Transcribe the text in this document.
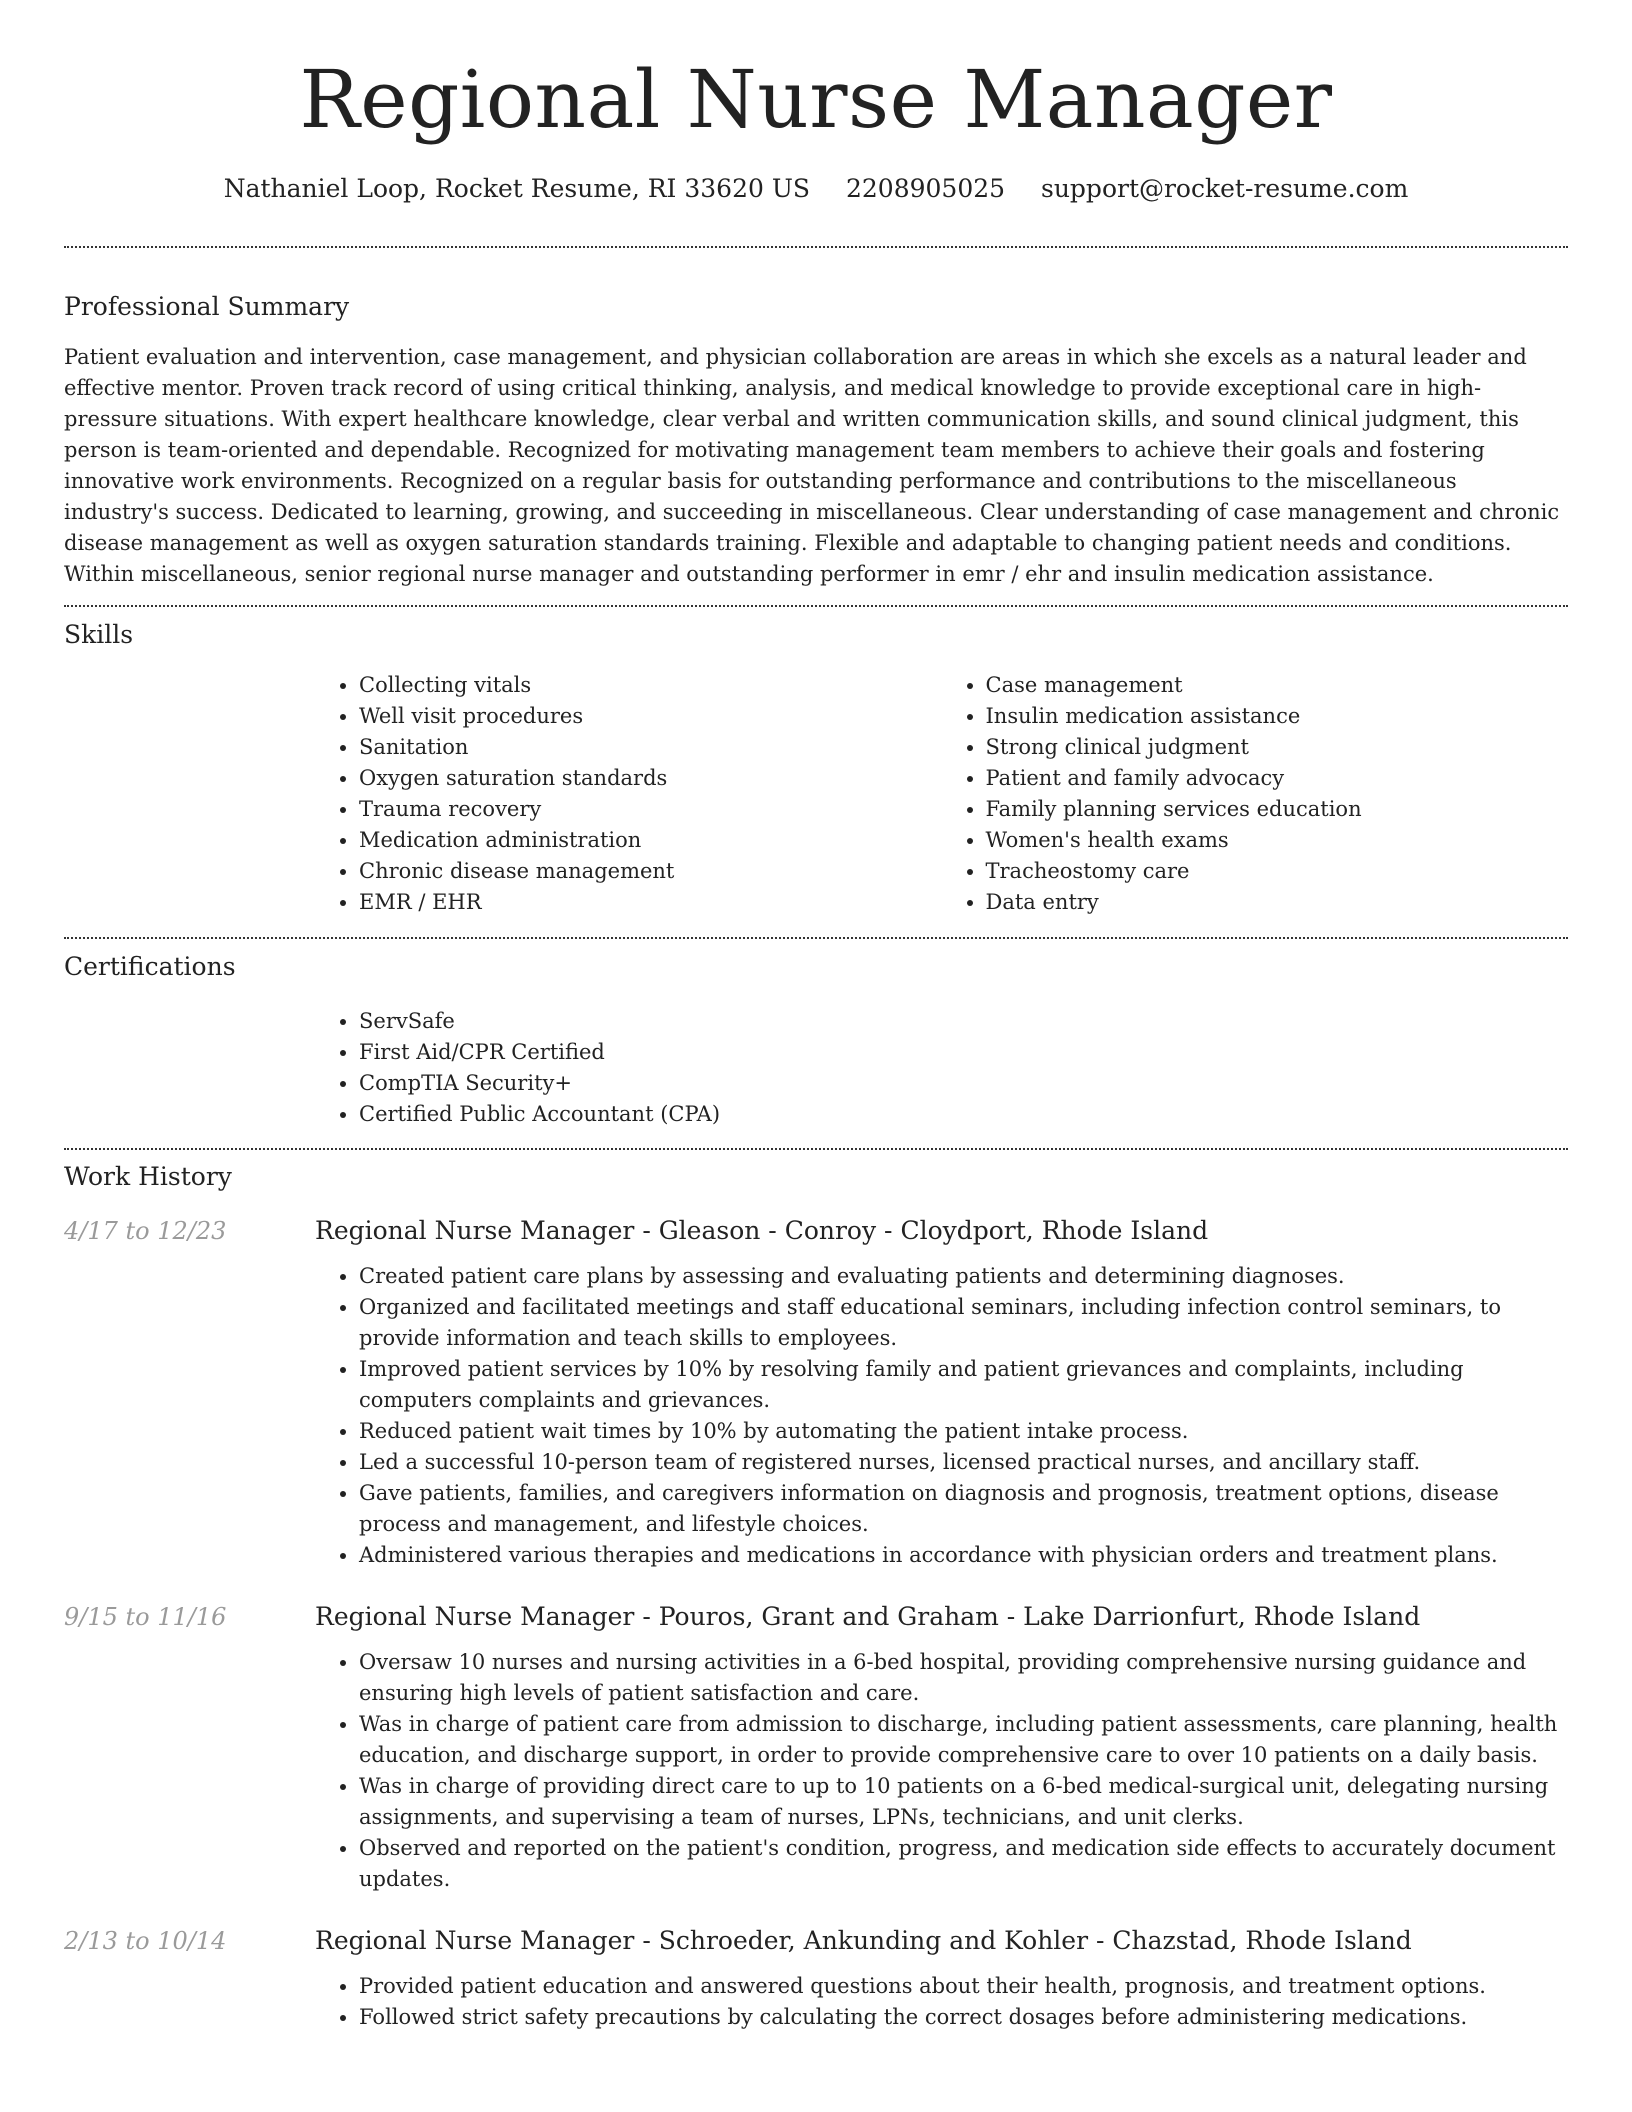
Regional Nurse Manager
Nathaniel Loop, Rocket Resume, RI 33620 US 2208905025 support@rocket-resume.com
Professional Summary

Patient evaluation and intervention, case management, and physician collaboration are areas in which she excels as a natural leader and effective mentor. Proven track record of using critical thinking, analysis, and medical knowledge to provide exceptional care in high-pressure situations. With expert healthcare knowledge, clear verbal and written communication skills, and sound clinical judgment, this person is team-oriented and dependable. Recognized for motivating management team members to achieve their goals and fostering innovative work environments. Recognized on a regular basis for outstanding performance and contributions to the miscellaneous industry's success. Dedicated to learning, growing, and succeeding in miscellaneous. Clear understanding of case management and chronic disease management as well as oxygen saturation standards training. Flexible and adaptable to changing patient needs and conditions. Within miscellaneous, senior regional nurse manager and outstanding performer in emr / ehr and insulin medication assistance.

Skills
• Collecting vitals
• Well visit procedures
• Sanitation
• Oxygen saturation standards
• Trauma recovery
• Medication administration
• Chronic disease management
• EMR / EHR
• Case management
• Insulin medication assistance
• Strong clinical judgment
• Patient and family advocacy
• Family planning services education
• Women's health exams
• Tracheostomy care
• Data entry
Certifications
• ServSafe
• First Aid/CPR Certified
• CompTIA Security+
• Certified Public Accountant (CPA)
Work History
4/17 to 12/23	Regional Nurse Manager - Gleason - Conroy - Cloydport, Rhode Island
• Created patient care plans by assessing and evaluating patients and determining diagnoses.
• Organized and facilitated meetings and staff educational seminars, including infection control seminars, to provide information and teach skills to employees.
• Improved patient services by 10% by resolving family and patient grievances and complaints, including computers complaints and grievances.
• Reduced patient wait times by 10% by automating the patient intake process.
• Led a successful 10-person team of registered nurses, licensed practical nurses, and ancillary staff.
• Gave patients, families, and caregivers information on diagnosis and prognosis, treatment options, disease process and management, and lifestyle choices.
• Administered various therapies and medications in accordance with physician orders and treatment plans.
9/15 to 11/16	Regional Nurse Manager - Pouros, Grant and Graham - Lake Darrionfurt, Rhode Island
• Oversaw 10 nurses and nursing activities in a 6-bed hospital, providing comprehensive nursing guidance and ensuring high levels of patient satisfaction and care.
• Was in charge of patient care from admission to discharge, including patient assessments, care planning, health education, and discharge support, in order to provide comprehensive care to over 10 patients on a daily basis.
• Was in charge of providing direct care to up to 10 patients on a 6-bed medical-surgical unit, delegating nursing assignments, and supervising a team of nurses, LPNs, technicians, and unit clerks.
• Observed and reported on the patient's condition, progress, and medication side effects to accurately document updates.
2/13 to 10/14	Regional Nurse Manager - Schroeder, Ankunding and Kohler - Chazstad, Rhode Island
• Provided patient education and answered questions about their health, prognosis, and treatment options.
• Followed strict safety precautions by calculating the correct dosages before administering medications.
